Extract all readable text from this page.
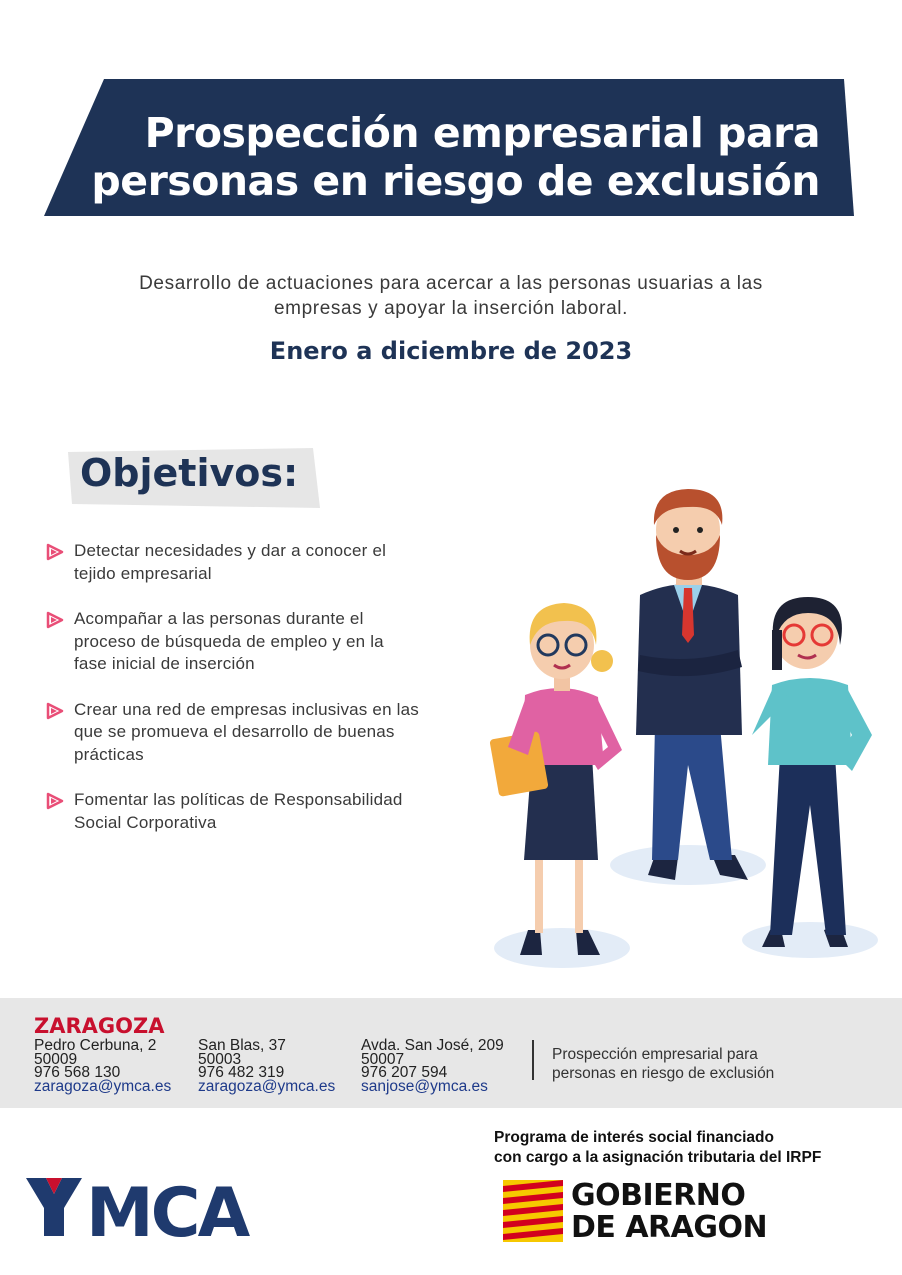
Prospección empresarial para
personas en riesgo de exclusión
Desarrollo de actuaciones para acercar a las personas usuarias a las
empresas y apoyar la inserción laboral.
Enero a diciembre de 2023
Objetivos:
Detectar necesidades y dar a conocer el
tejido empresarial
Acompañar a las personas durante el
proceso de búsqueda de empleo y en la
fase inicial de inserción
Crear una red de empresas inclusivas en las
que se promueva el desarrollo de buenas
prácticas
Fomentar las políticas de Responsabilidad
Social Corporativa
ZARAGOZA
Pedro Cerbuna, 2
50009
976 568 130
zaragoza@ymca.es
San Blas, 37
50003
976 482 319
zaragoza@ymca.es
Avda. San José, 209
50007
976 207 594
sanjose@ymca.es
Prospección empresarial para
personas en riesgo de exclusión
Programa de interés social financiado
con cargo a la asignación tributaria del IRPF
MCA	GOBIERNO
DE ARAGON
